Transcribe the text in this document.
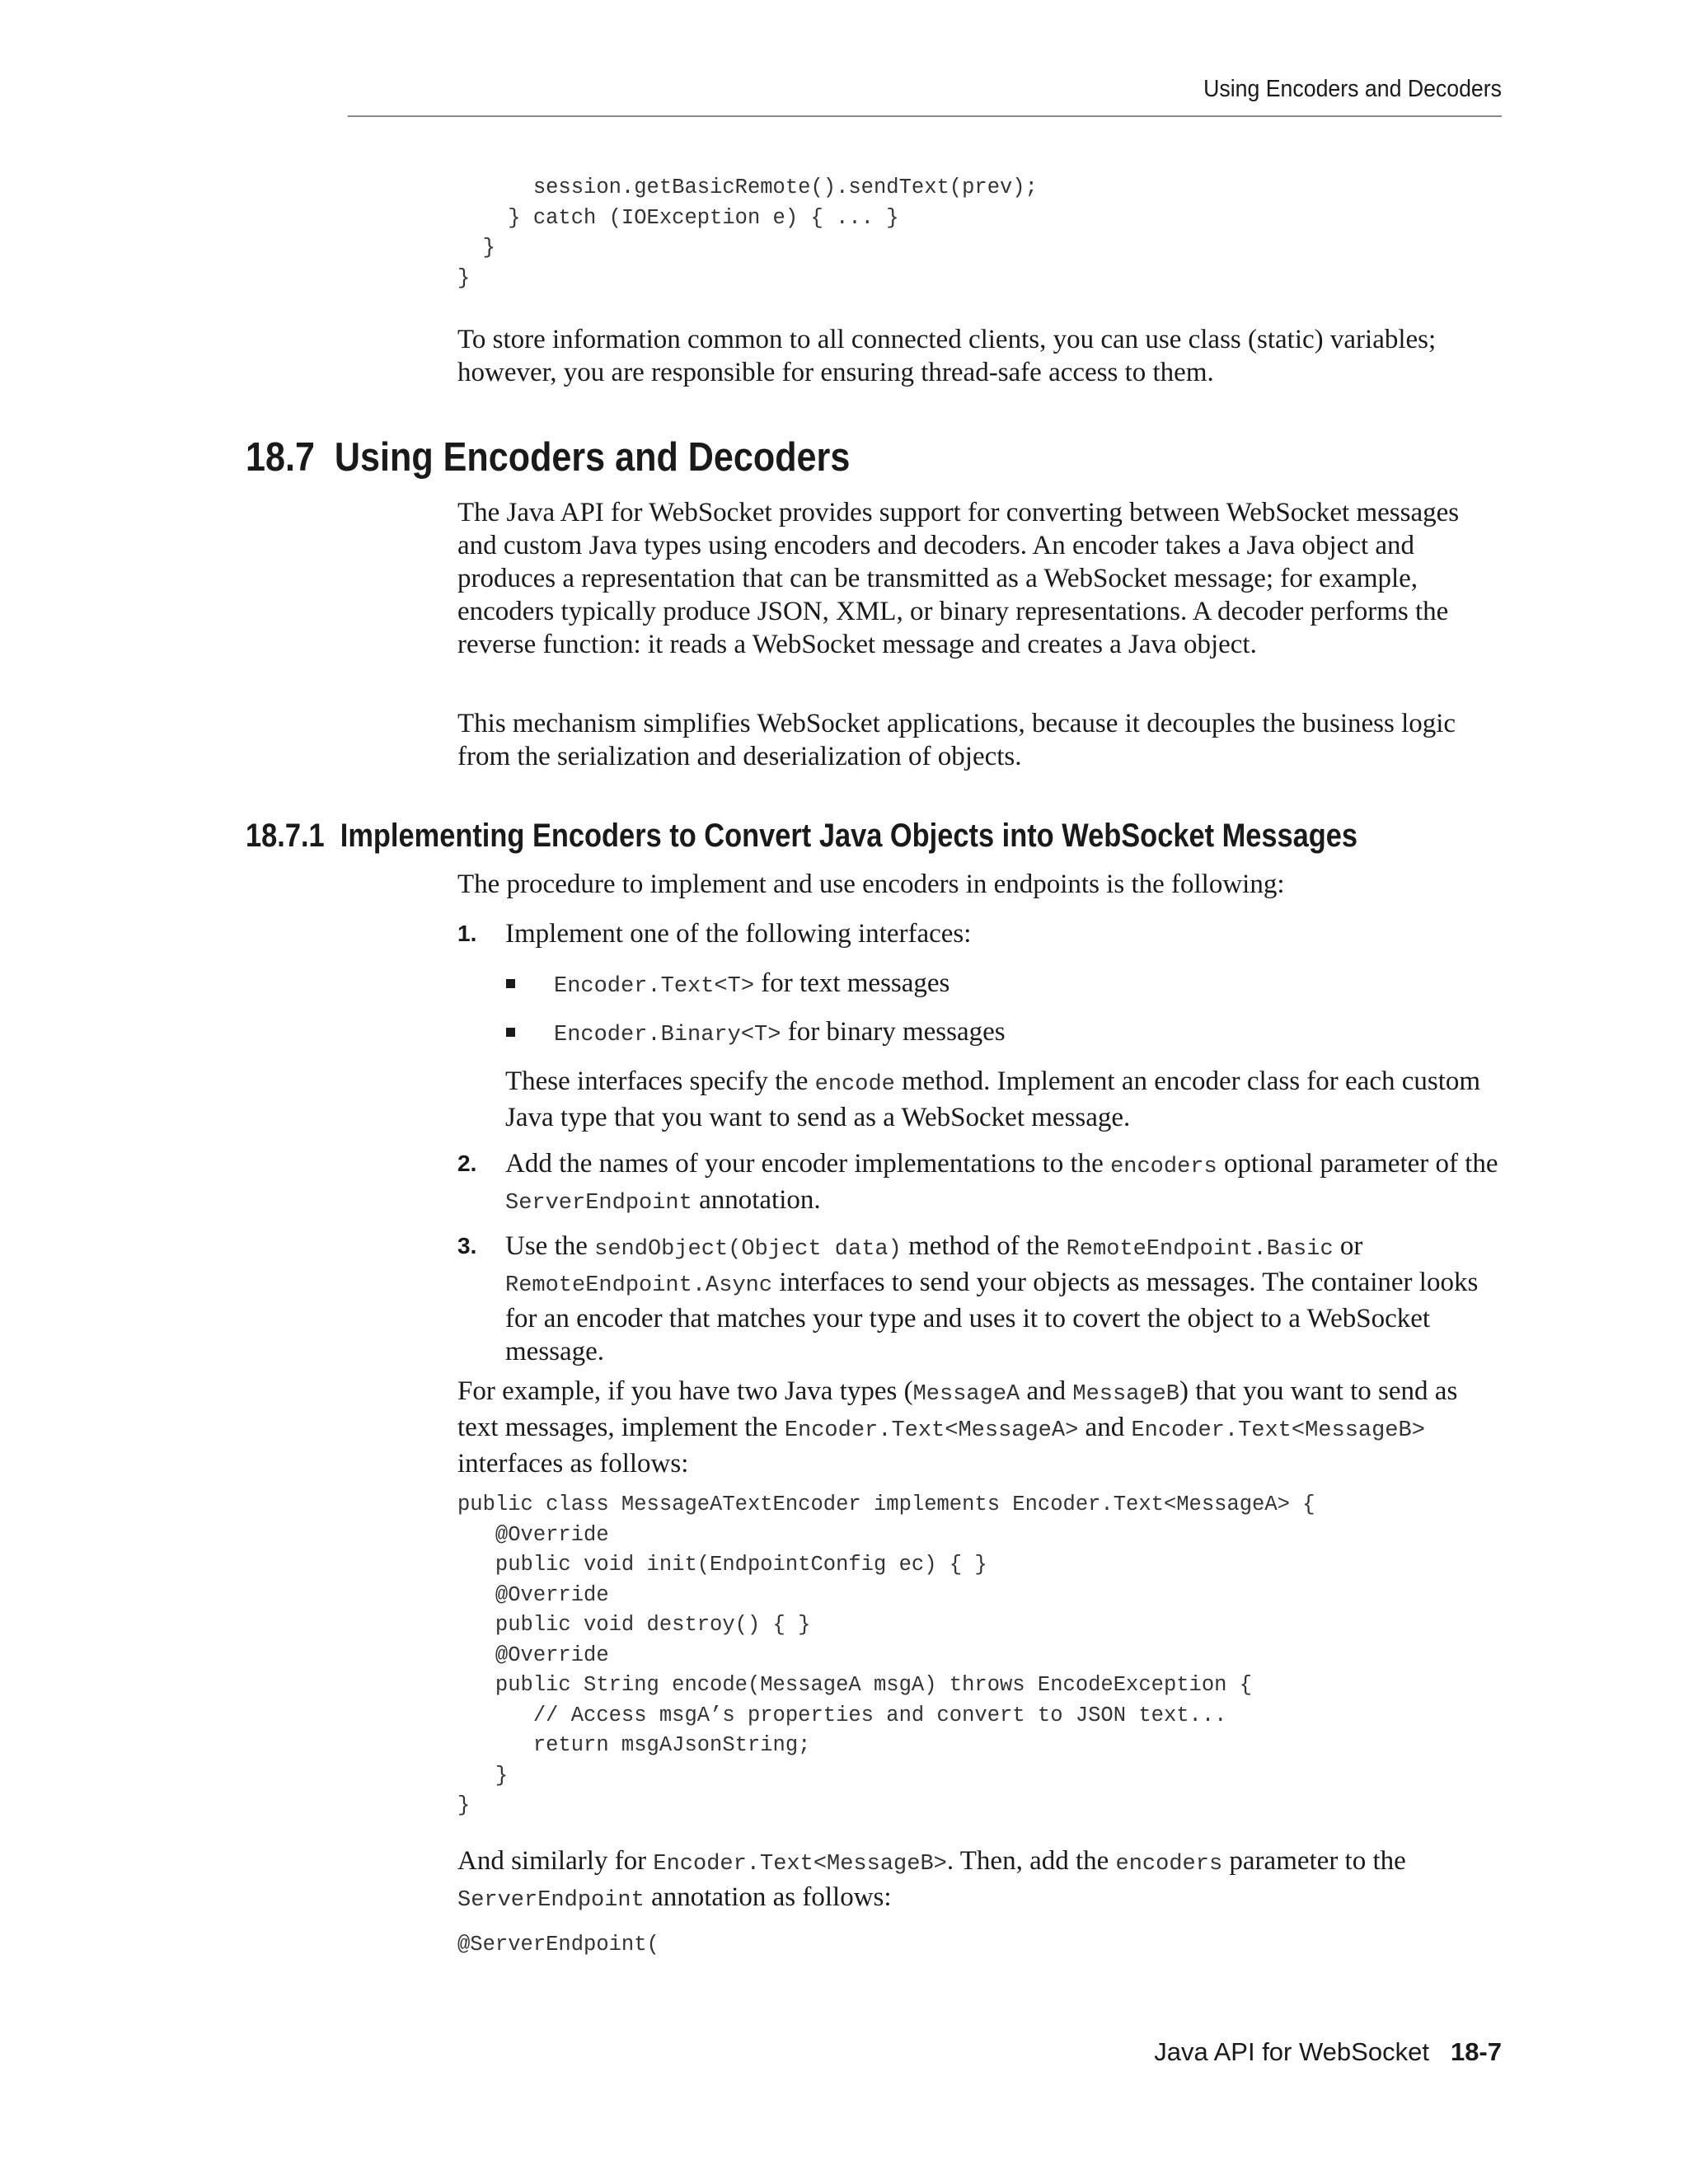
Using Encoders and Decoders
session.getBasicRemote().sendText(prev);
} catch (IOException e) { ... }
}
}
To store information common to all connected clients, you can use class (static) variables; however, you are responsible for ensuring thread-safe access to them.
18.7 Using Encoders and Decoders
The Java API for WebSocket provides support for converting between WebSocket messages and custom Java types using encoders and decoders. An encoder takes a Java object and produces a representation that can be transmitted as a WebSocket message; for example, encoders typically produce JSON, XML, or binary representations. A decoder performs the reverse function: it reads a WebSocket message and creates a Java object.
This mechanism simplifies WebSocket applications, because it decouples the business logic from the serialization and deserialization of objects.
18.7.1 Implementing Encoders to Convert Java Objects into WebSocket Messages
The procedure to implement and use encoders in endpoints is the following:
1. Implement one of the following interfaces:
Encoder.Text<T> for text messages
Encoder.Binary<T> for binary messages
These interfaces specify the encode method. Implement an encoder class for each custom Java type that you want to send as a WebSocket message.
2. Add the names of your encoder implementations to the encoders optional parameter of the ServerEndpoint annotation.
3. Use the sendObject(Object data) method of the RemoteEndpoint.Basic or RemoteEndpoint.Async interfaces to send your objects as messages. The container looks for an encoder that matches your type and uses it to covert the object to a WebSocket message.
For example, if you have two Java types (MessageA and MessageB) that you want to send as text messages, implement the Encoder.Text<MessageA> and Encoder.Text<MessageB> interfaces as follows:
public class MessageATextEncoder implements Encoder.Text<MessageA> {
@Override
public void init(EndpointConfig ec) { }
@Override
public void destroy() { }
@Override
public String encode(MessageA msgA) throws EncodeException {
// Access msgA’s properties and convert to JSON text...
return msgAJsonString;
}
}
And similarly for Encoder.Text<MessageB>. Then, add the encoders parameter to the ServerEndpoint annotation as follows:
@ServerEndpoint(
Java API for WebSocket 18-7
